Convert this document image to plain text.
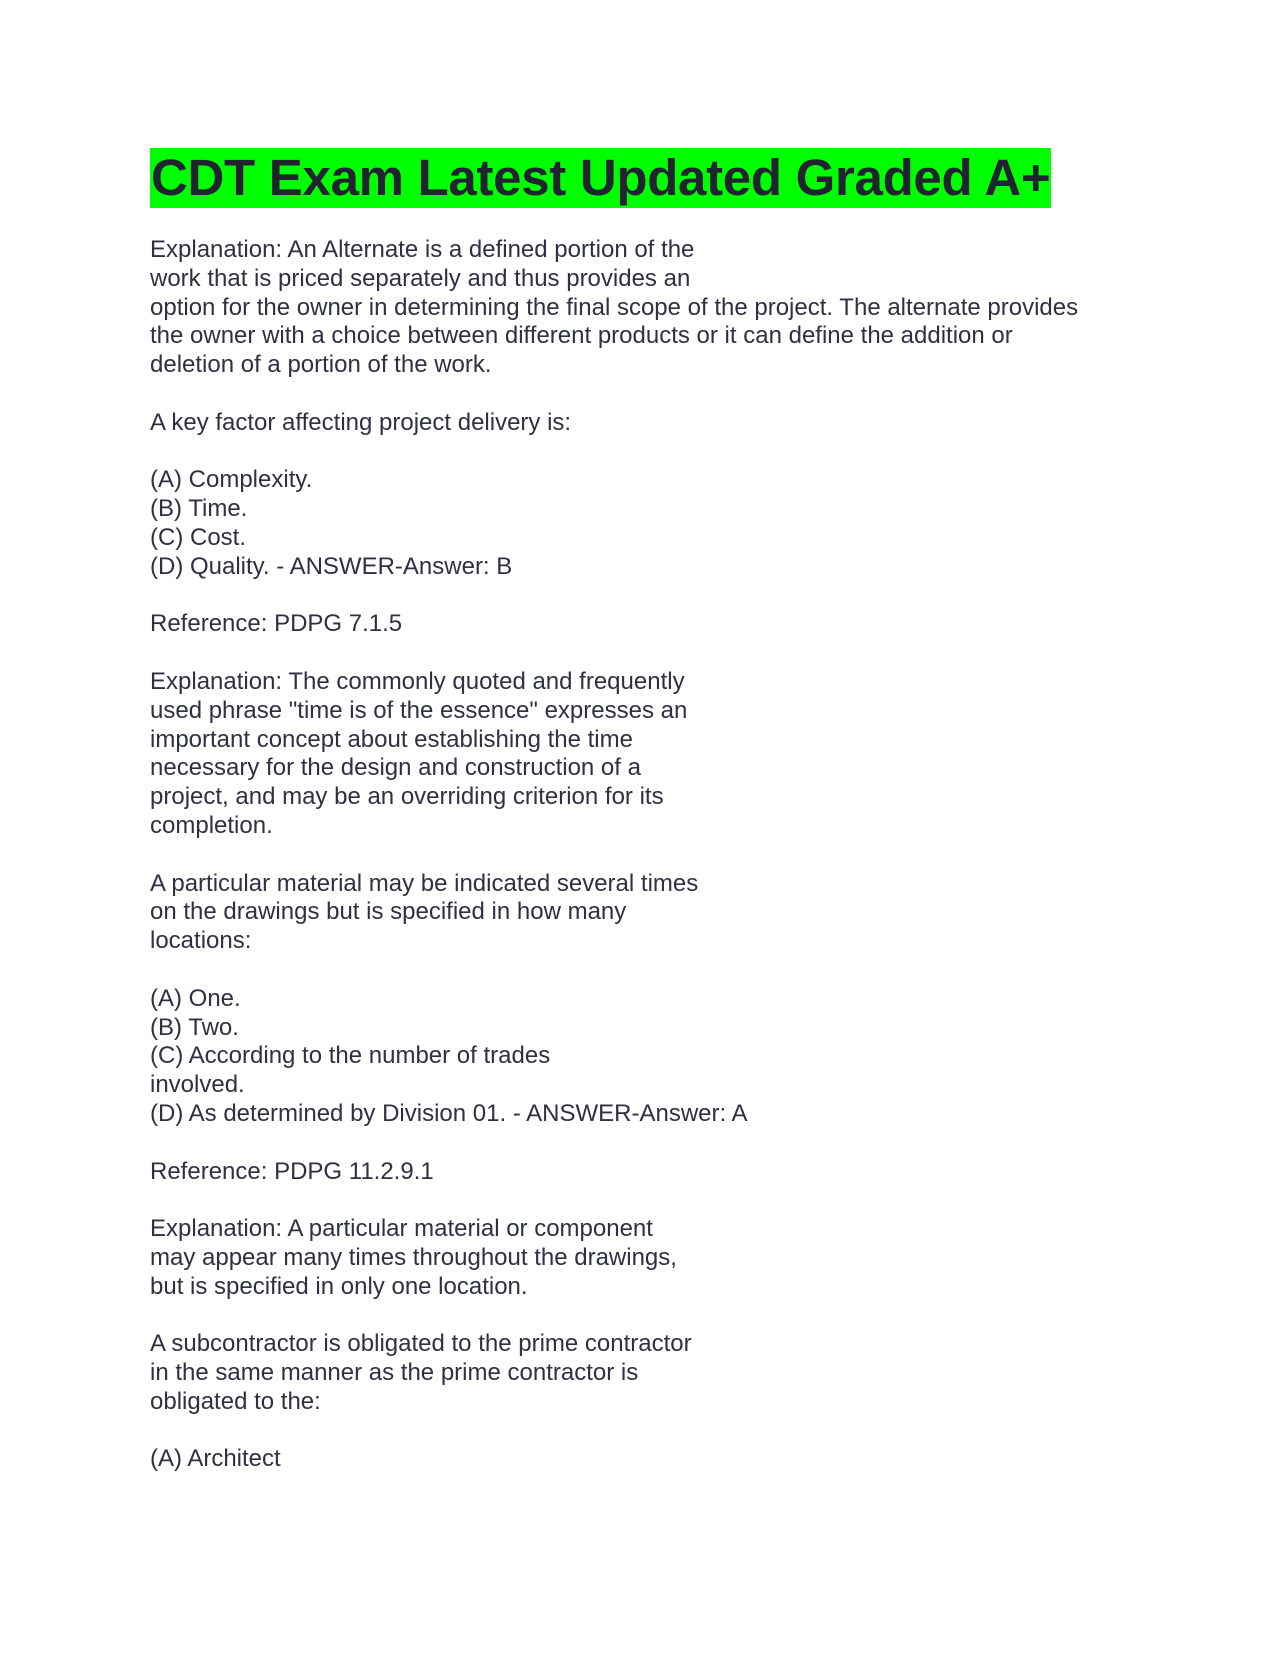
CDT Exam Latest Updated Graded A+
Explanation: An Alternate is a defined portion of the
work that is priced separately and thus provides an
option for the owner in determining the final scope of the project. The alternate provides
the owner with a choice between different products or it can define the addition or
deletion of a portion of the work.
A key factor affecting project delivery is:
(A) Complexity.
(B) Time.
(C) Cost.
(D) Quality. - ANSWER-Answer: B
Reference: PDPG 7.1.5
Explanation: The commonly quoted and frequently
used phrase "time is of the essence" expresses an
important concept about establishing the time
necessary for the design and construction of a
project, and may be an overriding criterion for its
completion.
A particular material may be indicated several times
on the drawings but is specified in how many
locations:
(A) One.
(B) Two.
(C) According to the number of trades
involved.
(D) As determined by Division 01. - ANSWER-Answer: A
Reference: PDPG 11.2.9.1
Explanation: A particular material or component
may appear many times throughout the drawings,
but is specified in only one location.
A subcontractor is obligated to the prime contractor
in the same manner as the prime contractor is
obligated to the:
(A) Architect
